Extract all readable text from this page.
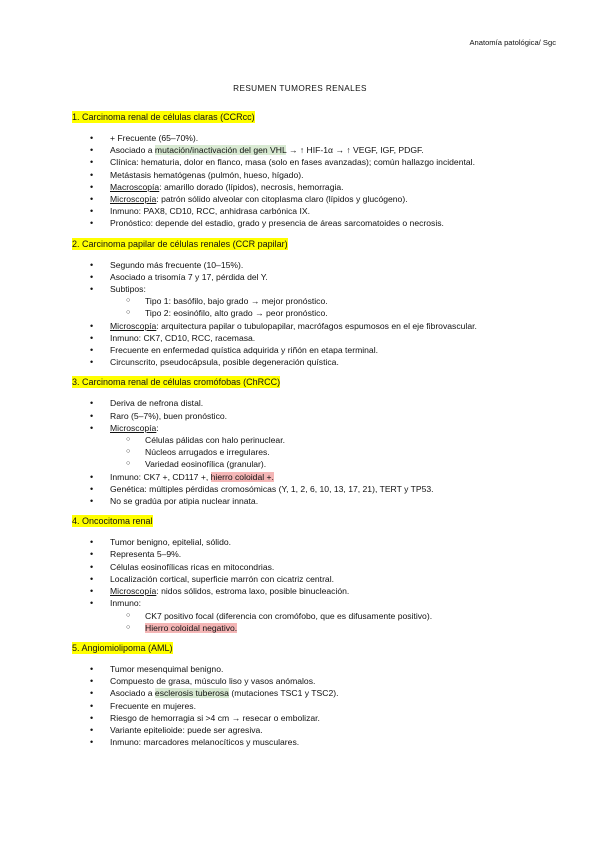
Anatomía patológica/ Sgc
RESUMEN TUMORES RENALES
1. Carcinoma renal de células claras (CCRcc)
• + Frecuente (65–70%).
• Asociado a mutación/inactivación del gen VHL → ↑ HIF-1α → ↑ VEGF, IGF, PDGF.
• Clínica: hematuria, dolor en flanco, masa (solo en fases avanzadas); común hallazgo incidental.
• Metástasis hematógenas (pulmón, hueso, hígado).
• Macroscopía: amarillo dorado (lípidos), necrosis, hemorragia.
• Microscopía: patrón sólido alveolar con citoplasma claro (lípidos y glucógeno).
• Inmuno: PAX8, CD10, RCC, anhidrasa carbónica IX.
• Pronóstico: depende del estadio, grado y presencia de áreas sarcomatoides o necrosis.
2. Carcinoma papilar de células renales (CCR papilar)
• Segundo más frecuente (10–15%).
• Asociado a trisomía 7 y 17, pérdida del Y.
• Subtipos:
○ Tipo 1: basófilo, bajo grado → mejor pronóstico.
○ Tipo 2: eosinófilo, alto grado → peor pronóstico.
• Microscopía: arquitectura papilar o tubulopapilar, macrófagos espumosos en el eje fibrovascular.
• Inmuno: CK7, CD10, RCC, racemasa.
• Frecuente en enfermedad quística adquirida y riñón en etapa terminal.
• Circunscrito, pseudocápsula, posible degeneración quística.
3. Carcinoma renal de células cromófobas (ChRCC)
• Deriva de nefrona distal.
• Raro (5–7%), buen pronóstico.
• Microscopía:
○ Células pálidas con halo perinuclear.
○ Núcleos arrugados e irregulares.
○ Variedad eosinofílica (granular).
• Inmuno: CK7 +, CD117 +, hierro coloidal +.
• Genética: múltiples pérdidas cromosómicas (Y, 1, 2, 6, 10, 13, 17, 21), TERT y TP53.
• No se gradúa por atipia nuclear innata.
4. Oncocitoma renal
• Tumor benigno, epitelial, sólido.
• Representa 5–9%.
• Células eosinofílicas ricas en mitocondrias.
• Localización cortical, superficie marrón con cicatriz central.
• Microscopía: nidos sólidos, estroma laxo, posible binucleación.
• Inmuno:
○ CK7 positivo focal (diferencia con cromófobo, que es difusamente positivo).
○ Hierro coloidal negativo.
5. Angiomiolipoma (AML)
• Tumor mesenquimal benigno.
• Compuesto de grasa, músculo liso y vasos anómalos.
• Asociado a esclerosis tuberosa (mutaciones TSC1 y TSC2).
• Frecuente en mujeres.
• Riesgo de hemorragia si >4 cm → resecar o embolizar.
• Variante epitelioide: puede ser agresiva.
• Inmuno: marcadores melanocíticos y musculares.
